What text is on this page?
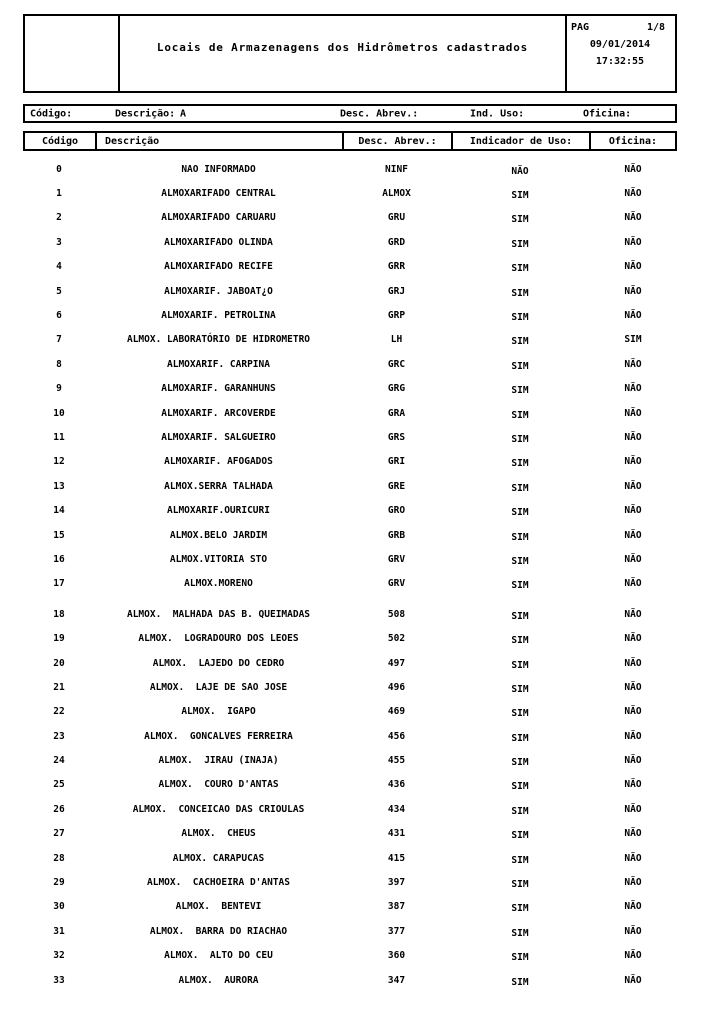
Locais de Armazenagens dos Hidrômetros cadastrados
PAG	1/8
09/01/2014
17:32:55
Código:	Descrição: A	Desc. Abrev.:	Ind. Uso:	Oficina:
Código	Descrição	Desc. Abrev.:	Indicador de Uso:	Oficina:
0	NAO INFORMADO	NINF	NÃO	NÃO
1	ALMOXARIFADO CENTRAL	ALMOX	SIM	NÃO
2	ALMOXARIFADO CARUARU	GRU	SIM	NÃO
3	ALMOXARIFADO OLINDA	GRD	SIM	NÃO
4	ALMOXARIFADO RECIFE	GRR	SIM	NÃO
5	ALMOXARIF. JABOAT¿O	GRJ	SIM	NÃO
6	ALMOXARIF. PETROLINA	GRP	SIM	NÃO
7	ALMOX. LABORATÓRIO DE HIDROMETRO	LH	SIM	SIM
8	ALMOXARIF. CARPINA	GRC	SIM	NÃO
9	ALMOXARIF. GARANHUNS	GRG	SIM	NÃO
10	ALMOXARIF. ARCOVERDE	GRA	SIM	NÃO
11	ALMOXARIF. SALGUEIRO	GRS	SIM	NÃO
12	ALMOXARIF. AFOGADOS	GRI	SIM	NÃO
13	ALMOX.SERRA TALHADA	GRE	SIM	NÃO
14	ALMOXARIF.OURICURI	GRO	SIM	NÃO
15	ALMOX.BELO JARDIM	GRB	SIM	NÃO
16	ALMOX.VITORIA STO	GRV	SIM	NÃO
17	ALMOX.MORENO	GRV	SIM	NÃO
18	ALMOX.  MALHADA DAS B. QUEIMADAS	508	SIM	NÃO
19	ALMOX.  LOGRADOURO DOS LEOES	502	SIM	NÃO
20	ALMOX.  LAJEDO DO CEDRO	497	SIM	NÃO
21	ALMOX.  LAJE DE SAO JOSE	496	SIM	NÃO
22	ALMOX.  IGAPO	469	SIM	NÃO
23	ALMOX.  GONCALVES FERREIRA	456	SIM	NÃO
24	ALMOX.  JIRAU (INAJA)	455	SIM	NÃO
25	ALMOX.  COURO D'ANTAS	436	SIM	NÃO
26	ALMOX.  CONCEICAO DAS CRIOULAS	434	SIM	NÃO
27	ALMOX.  CHEUS	431	SIM	NÃO
28	ALMOX. CARAPUCAS	415	SIM	NÃO
29	ALMOX.  CACHOEIRA D'ANTAS	397	SIM	NÃO
30	ALMOX.  BENTEVI	387	SIM	NÃO
31	ALMOX.  BARRA DO RIACHAO	377	SIM	NÃO
32	ALMOX.  ALTO DO CEU	360	SIM	NÃO
33	ALMOX.  AURORA	347	SIM	NÃO
